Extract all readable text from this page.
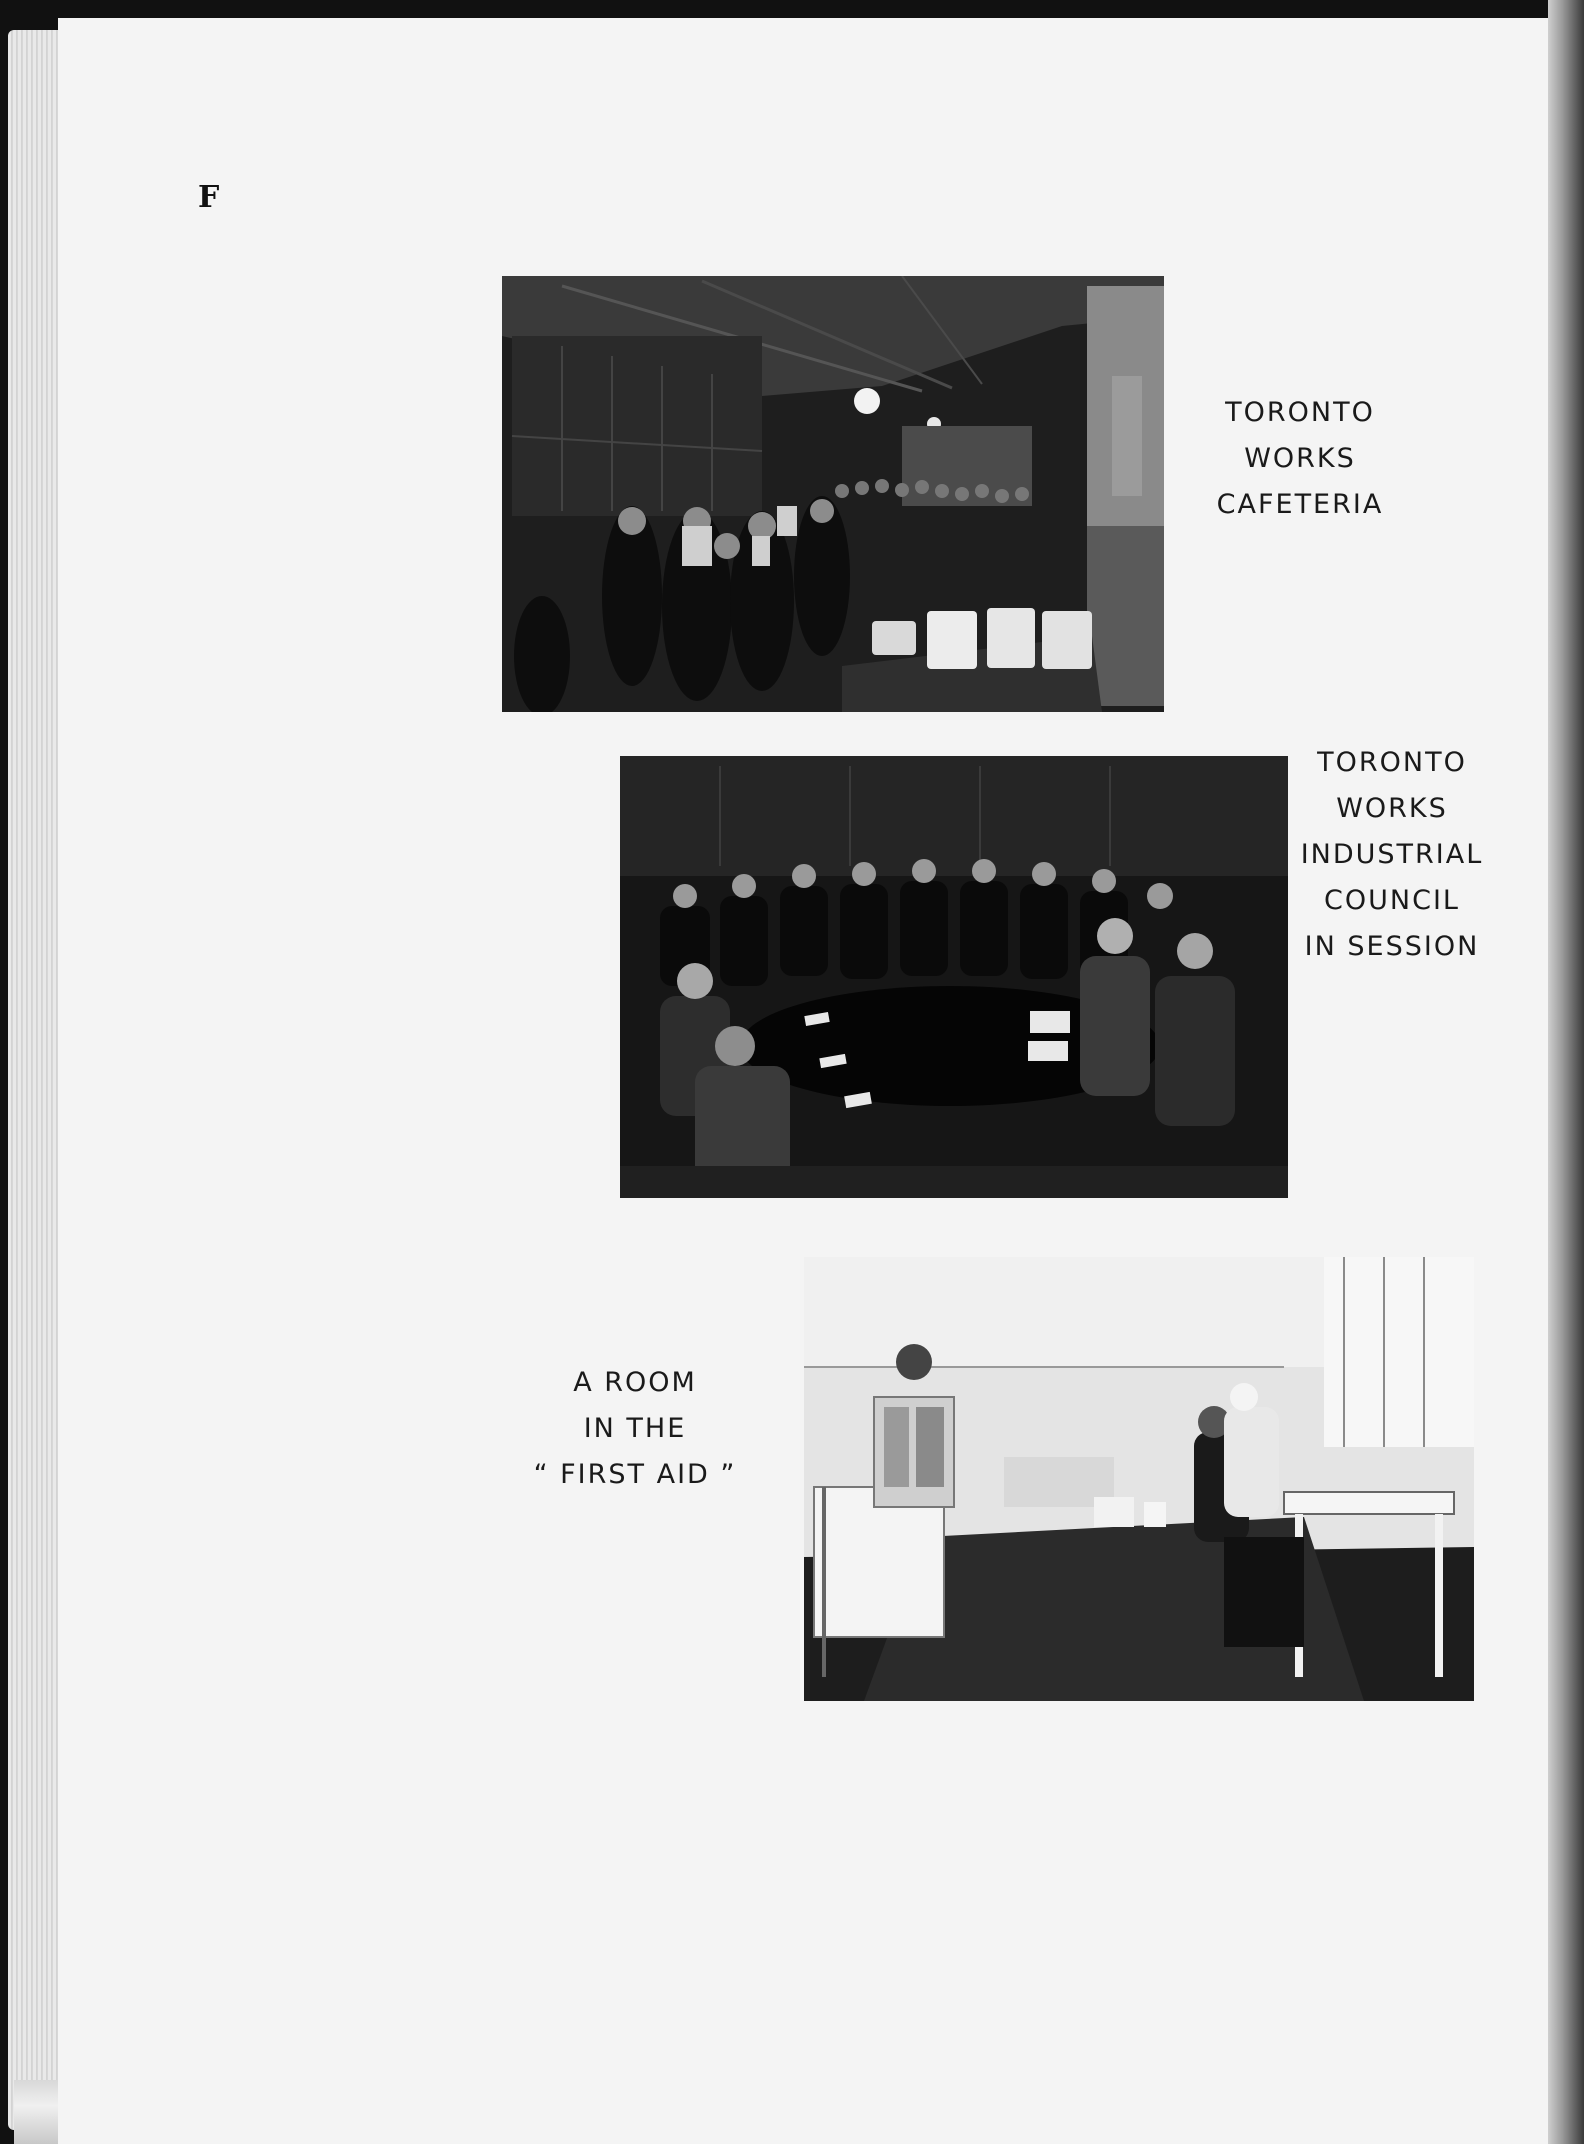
F
TORONTO WORKS
CAFETERIA
TORONTO
WORKS
INDUSTRIAL
COUNCIL
IN SESSION
A ROOM
IN THE
“ FIRST AID ”
